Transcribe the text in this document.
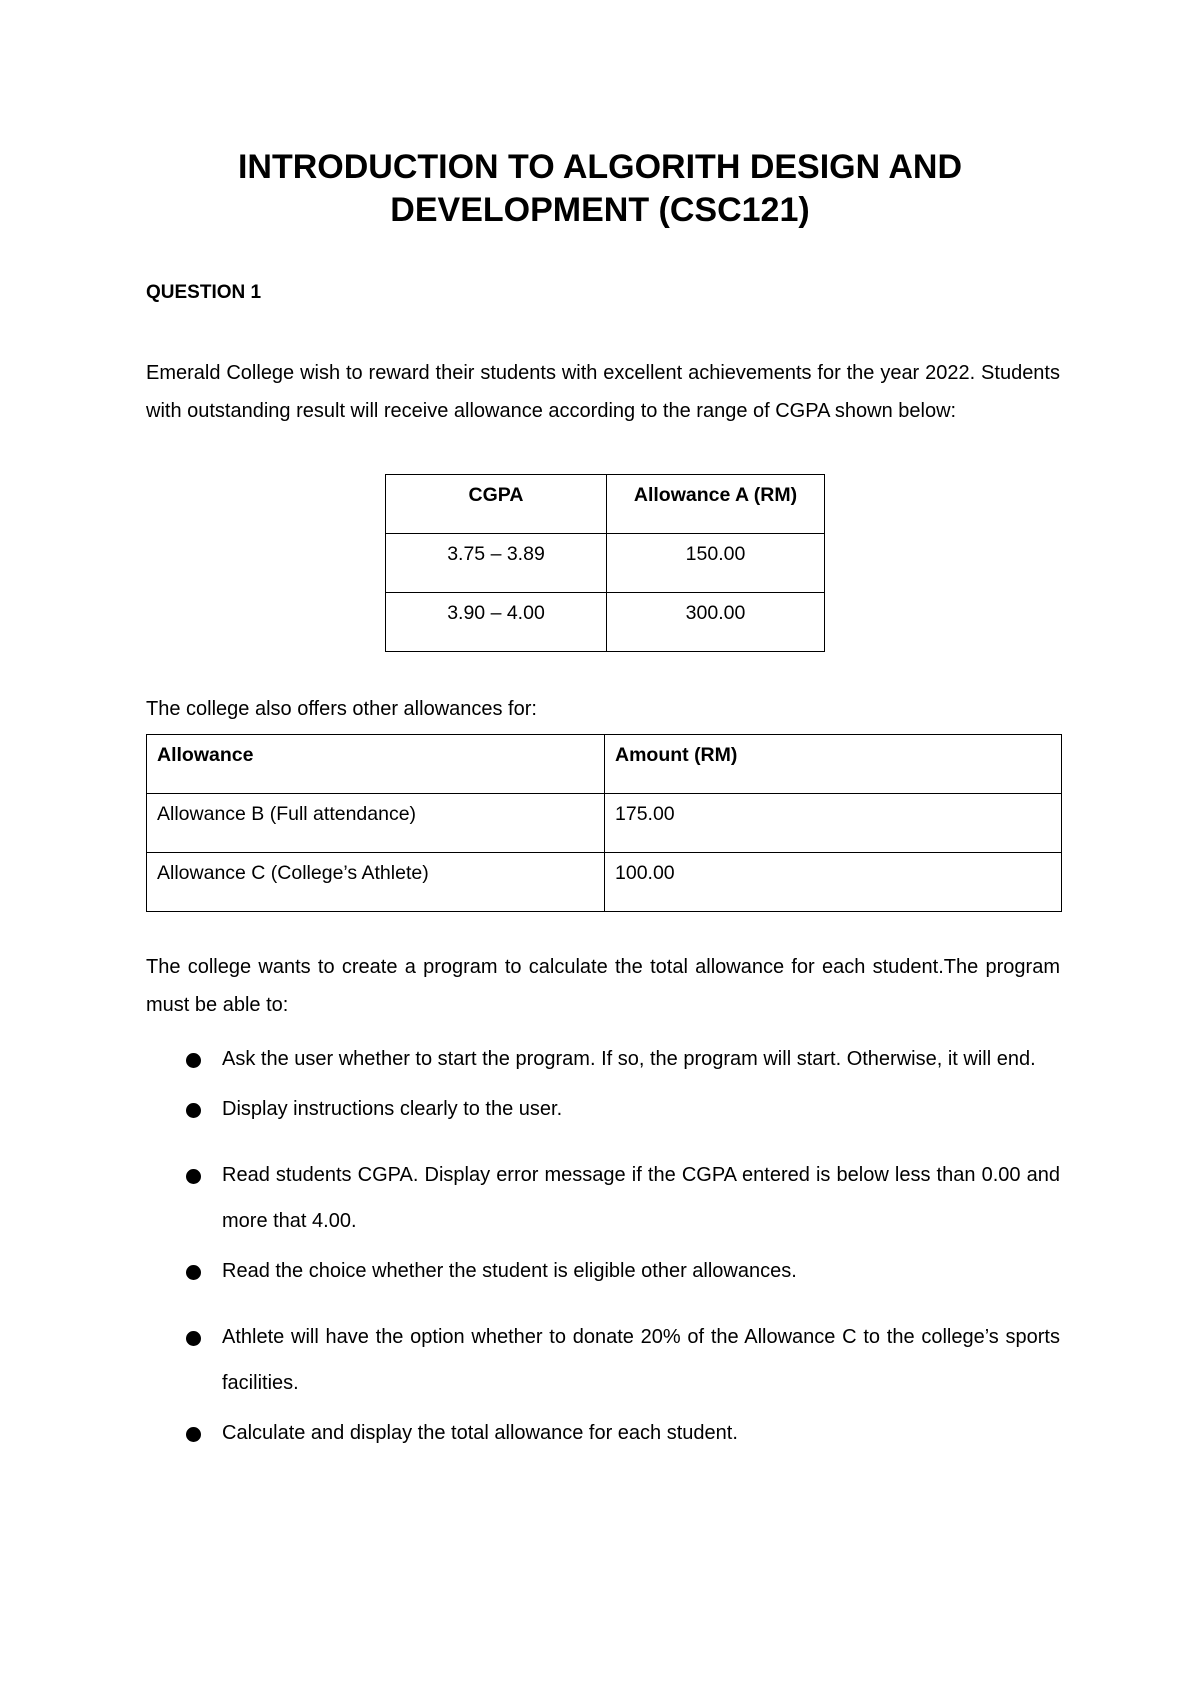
INTRODUCTION TO ALGORITH DESIGN AND
DEVELOPMENT (CSC121)

QUESTION 1

Emerald College wish to reward their students with excellent achievements for the year 2022. Students with outstanding result will receive allowance according to the range of CGPA shown below:

CGPA	Allowance A (RM)
3.75 – 3.89	150.00
3.90 – 4.00	300.00

The college also offers other allowances for:

Allowance	Amount (RM)
Allowance B (Full attendance)	175.00
Allowance C (College’s Athlete)	100.00

The college wants to create a program to calculate the total allowance for each student.The program must be able to:

Ask the user whether to start the program. If so, the program will start. Otherwise, it will end.
Display instructions clearly to the user.
Read students CGPA. Display error message if the CGPA entered is below less than 0.00 and more that 4.00.
Read the choice whether the student is eligible other allowances.
Athlete will have the option whether to donate 20% of the Allowance C to the college’s sports facilities.
Calculate and display the total allowance for each student.
